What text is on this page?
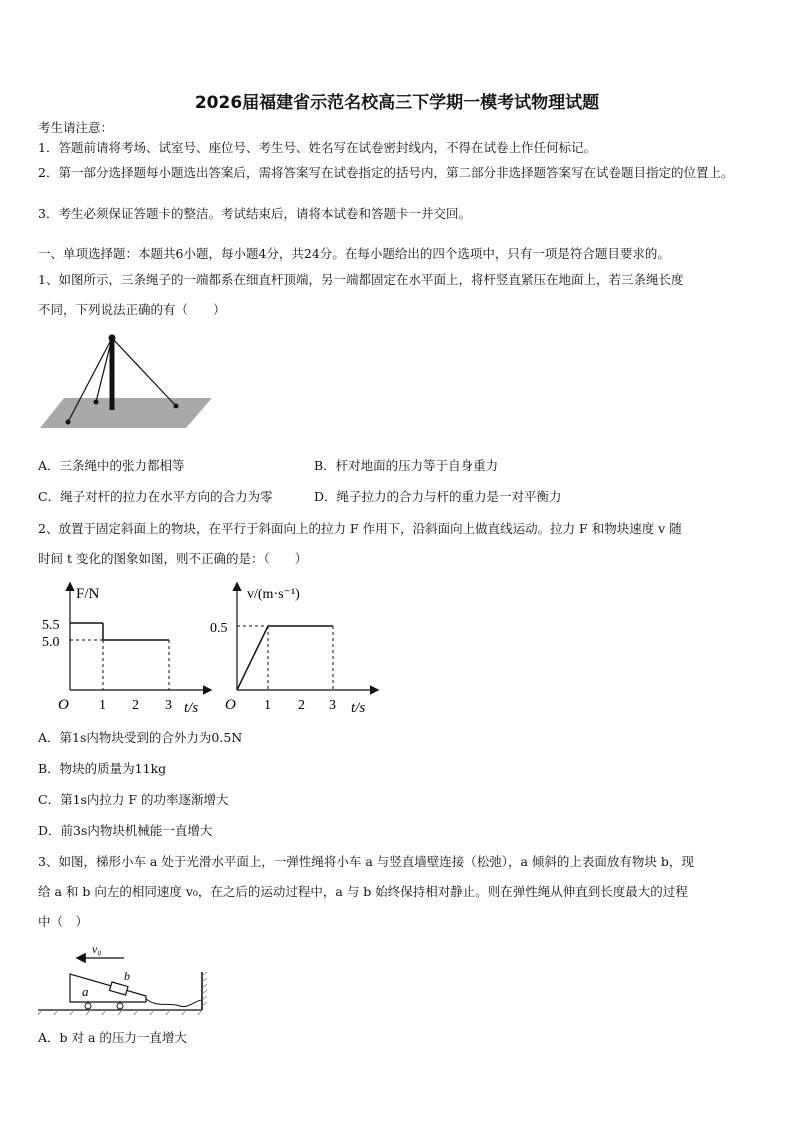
2026届福建省示范名校高三下学期一模考试物理试题
考生请注意：
1．答题前请将考场、试室号、座位号、考生号、姓名写在试卷密封线内，不得在试卷上作任何标记。
2．第一部分选择题每小题选出答案后，需将答案写在试卷指定的括号内，第二部分非选择题答案写在试卷题目指定的位置上。
3．考生必须保证答题卡的整洁。考试结束后，请将本试卷和答题卡一并交回。
一、单项选择题：本题共6小题，每小题4分，共24分。在每小题给出的四个选项中，只有一项是符合题目要求的。
1、如图所示，三条绳子的一端都系在细直杆顶端，另一端都固定在水平面上，将杆竖直紧压在地面上，若三条绳长度
不同，下列说法正确的有（　　）
A．三条绳中的张力都相等	B．杆对地面的压力等于自身重力
C．绳子对杆的拉力在水平方向的合力为零	D．绳子拉力的合力与杆的重力是一对平衡力
2、放置于固定斜面上的物块，在平行于斜面向上的拉力 F 作用下，沿斜面向上做直线运动。拉力 F 和物块速度 v 随
时间 t 变化的图象如图，则不正确的是：（　　）
F/N
5.5
5.0
O 1 2 3 t/s
v/(m·s⁻¹)
0.5
O 1 2 3 t/s
A．第1s内物块受到的合外力为0.5N
B．物块的质量为11kg
C．第1s内拉力 F 的功率逐渐增大
D．前3s内物块机械能一直增大
3、如图，梯形小车 a 处于光滑水平面上，一弹性绳将小车 a 与竖直墙壁连接（松弛），a 倾斜的上表面放有物块 b，现
给 a 和 b 向左的相同速度 v₀，在之后的运动过程中，a 与 b 始终保持相对静止。则在弹性绳从伸直到长度最大的过程
中（　）
v₀
b
a
A．b 对 a 的压力一直增大
